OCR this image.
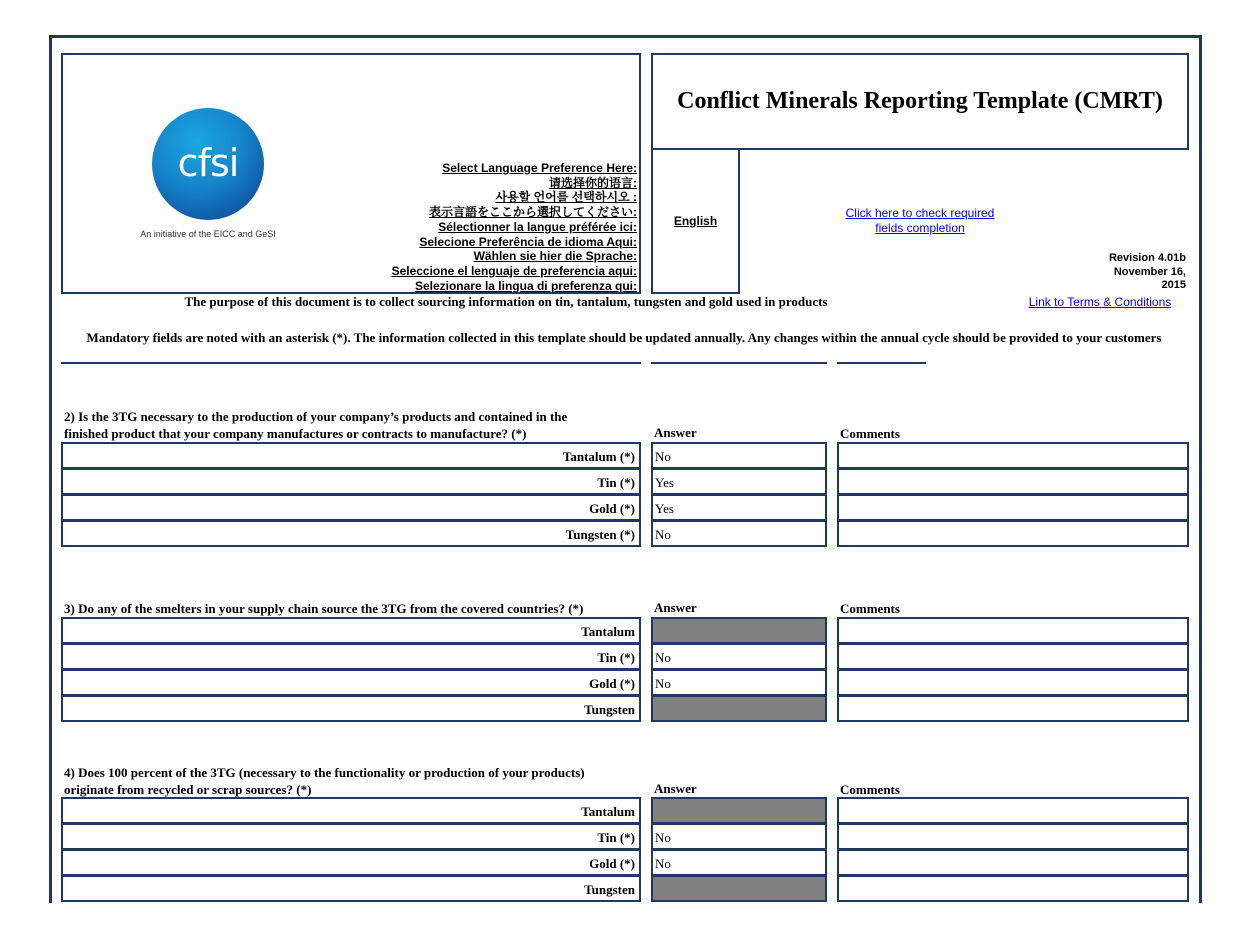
cfsi
An initiative of the EICC and GeSI
Select Language Preference Here:
请选择你的语言:
사용할 언어를 선택하시오 :
表示言語をここから選択してください:
Sélectionner la langue préférée ici:
Selecione Preferência de idioma Aqui:
Wählen sie hier die Sprache:
Seleccione el lenguaje de preferencia aqui:
Selezionare la lingua di preferenza qui:
Conflict Minerals Reporting Template (CMRT)
English
Click here to check required fields completion
Revision 4.01b
November 16,
2015
The purpose of this document is to collect sourcing information on tin, tantalum, tungsten and gold used in products	Link to Terms & Conditions
Mandatory fields are noted with an asterisk (*). The information collected in this template should be updated annually. Any changes within the annual cycle should be provided to your customers
2) Is the 3TG necessary to the production of your company’s products and contained in the
finished product that your company manufactures or contracts to manufacture? (*)	Answer	Comments
Tantalum (*)	No
Tin (*)	Yes
Gold (*)	Yes
Tungsten (*)	No
3) Do any of the smelters in your supply chain source the 3TG from the covered countries? (*)	Answer	Comments
Tantalum
Tin (*)	No
Gold (*)	No
Tungsten
4) Does 100 percent of the 3TG (necessary to the functionality or production of your products)
originate from recycled or scrap sources? (*)	Answer	Comments
Tantalum
Tin (*)	No
Gold (*)	No
Tungsten
